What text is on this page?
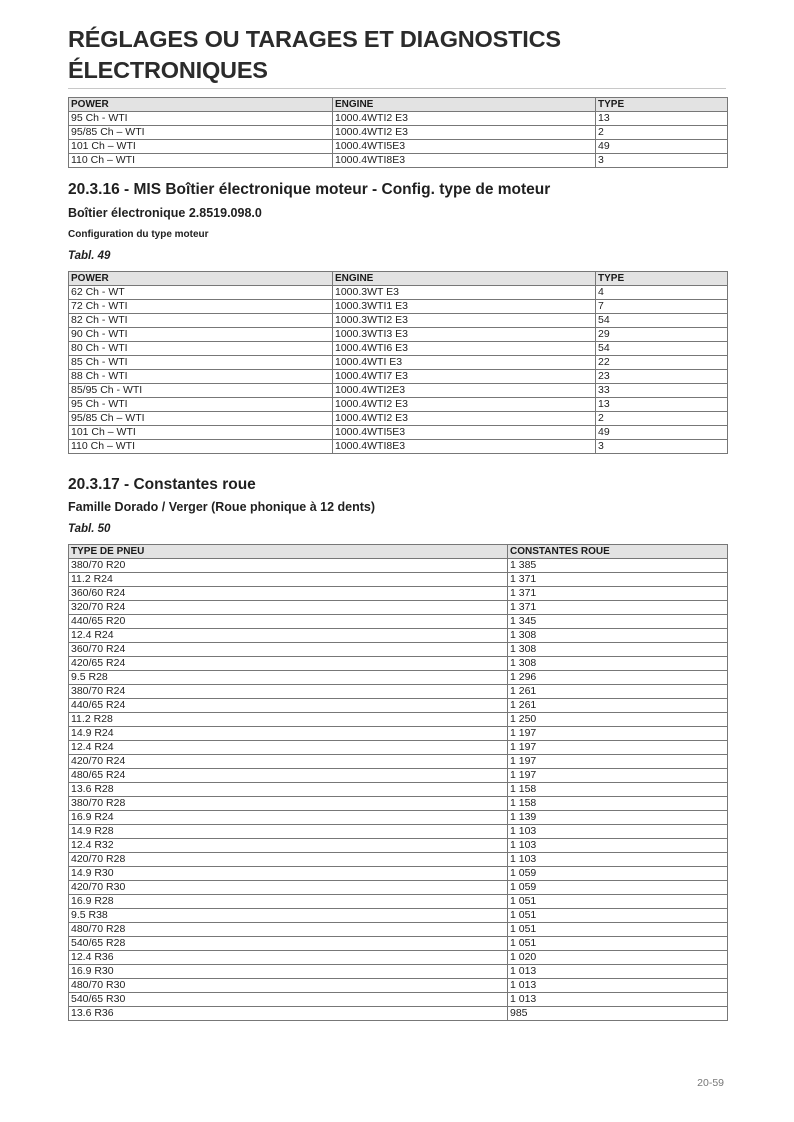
RÉGLAGES OU TARAGES ET DIAGNOSTICS
ÉLECTRONIQUES
POWER	ENGINE	TYPE
95 Ch - WTI	1000.4WTI2 E3	13
95/85 Ch – WTI	1000.4WTI2 E3	2
101 Ch – WTI	1000.4WTI5E3	49
110 Ch – WTI	1000.4WTI8E3	3
20.3.16 - MIS Boîtier électronique moteur - Config. type de moteur
Boîtier électronique 2.8519.098.0
Configuration du type moteur

Tabl. 49

POWER	ENGINE	TYPE
62 Ch - WT	1000.3WT E3	4
72 Ch - WTI	1000.3WTI1 E3	7
82 Ch - WTI	1000.3WTI2 E3	54
90 Ch - WTI	1000.3WTI3 E3	29
80 Ch - WTI	1000.4WTI6 E3	54
85 Ch - WTI	1000.4WTI E3	22
88 Ch - WTI	1000.4WTI7 E3	23
85/95 Ch - WTI	1000.4WTI2E3	33
95 Ch - WTI	1000.4WTI2 E3	13
95/85 Ch – WTI	1000.4WTI2 E3	2
101 Ch – WTI	1000.4WTI5E3	49
110 Ch – WTI	1000.4WTI8E3	3
20.3.17 - Constantes roue
Famille Dorado / Verger (Roue phonique à 12 dents)

Tabl. 50

TYPE DE PNEU	CONSTANTES ROUE
380/70 R20	1 385
11.2 R24	1 371
360/60 R24	1 371
320/70 R24	1 371
440/65 R20	1 345
12.4 R24	1 308
360/70 R24	1 308
420/65 R24	1 308
9.5 R28	1 296
380/70 R24	1 261
440/65 R24	1 261
11.2 R28	1 250
14.9 R24	1 197
12.4 R24	1 197
420/70 R24	1 197
480/65 R24	1 197
13.6 R28	1 158
380/70 R28	1 158
16.9 R24	1 139
14.9 R28	1 103
12.4 R32	1 103
420/70 R28	1 103
14.9 R30	1 059
420/70 R30	1 059
16.9 R28	1 051
9.5 R38	1 051
480/70 R28	1 051
540/65 R28	1 051
12.4 R36	1 020
16.9 R30	1 013
480/70 R30	1 013
540/65 R30	1 013
13.6 R36	985
20-59
